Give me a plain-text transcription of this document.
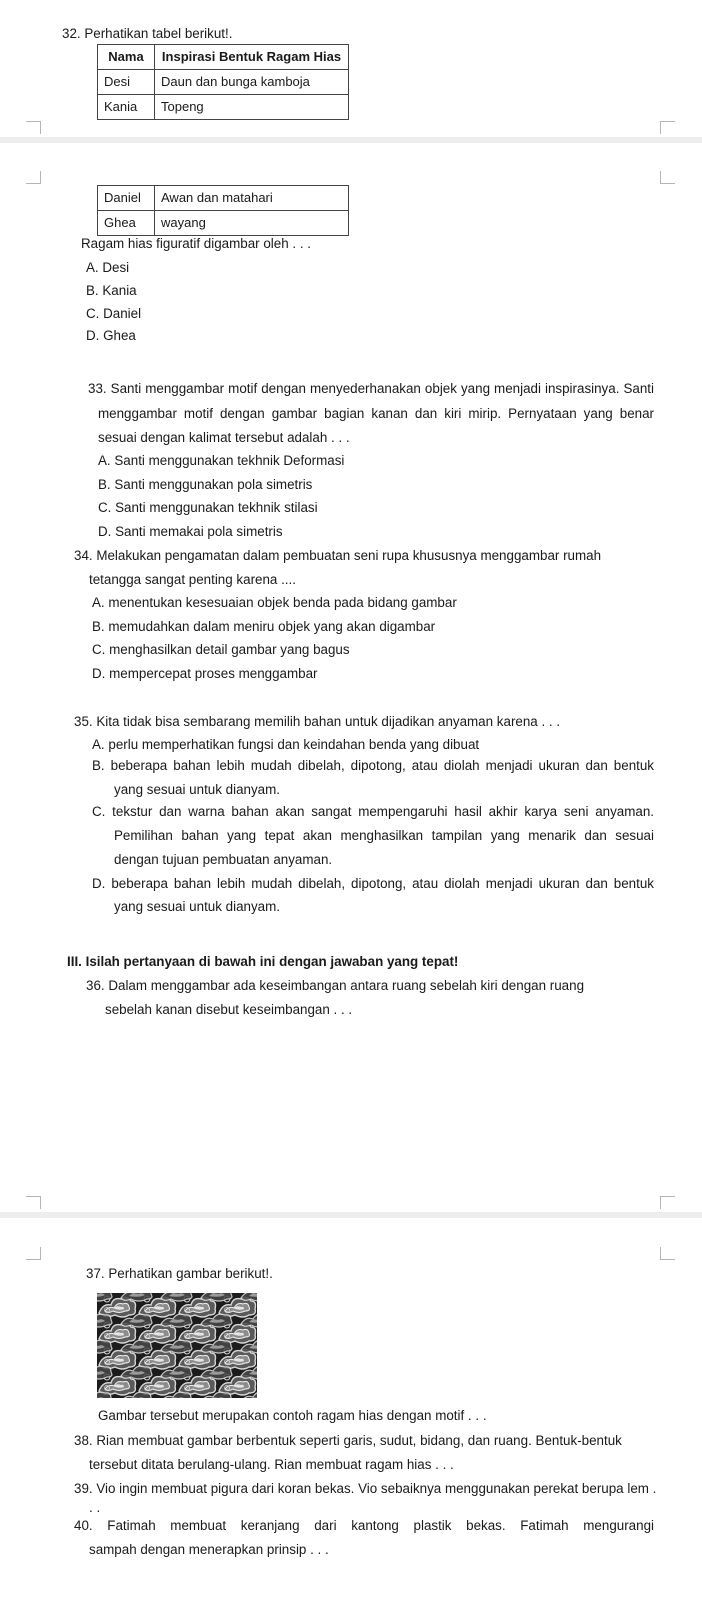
32. Perhatikan tabel berikut!.
Nama	Inspirasi Bentuk Ragam Hias
Desi	Daun dan bunga kamboja
Kania	Topeng
Daniel	Awan dan matahari
Ghea	wayang
Ragam hias figuratif digambar oleh . . .
A. Desi
B. Kania
C. Daniel
D. Ghea
33. Santi menggambar motif dengan menyederhanakan objek yang menjadi inspirasinya. Santi
menggambar motif dengan gambar bagian kanan dan kiri mirip. Pernyataan yang benar
sesuai dengan kalimat tersebut adalah . . .
A. Santi menggunakan tekhnik Deformasi
B. Santi menggunakan pola simetris
C. Santi menggunakan tekhnik stilasi
D. Santi memakai pola simetris
34. Melakukan pengamatan dalam pembuatan seni rupa khususnya menggambar rumah
tetangga sangat penting karena ....
A. menentukan kesesuaian objek benda pada bidang gambar
B. memudahkan dalam meniru objek yang akan digambar
C. menghasilkan detail gambar yang bagus
D. mempercepat proses menggambar
35. Kita tidak bisa sembarang memilih bahan untuk dijadikan anyaman karena . . .
A. perlu memperhatikan fungsi dan keindahan benda yang dibuat
B. beberapa bahan lebih mudah dibelah, dipotong, atau diolah menjadi ukuran dan bentuk
yang sesuai untuk dianyam.
C. tekstur dan warna bahan akan sangat mempengaruhi hasil akhir karya seni anyaman.
Pemilihan bahan yang tepat akan menghasilkan tampilan yang menarik dan sesuai
dengan tujuan pembuatan anyaman.
D. beberapa bahan lebih mudah dibelah, dipotong, atau diolah menjadi ukuran dan bentuk
yang sesuai untuk dianyam.
III. Isilah pertanyaan di bawah ini dengan jawaban yang tepat!
36. Dalam menggambar ada keseimbangan antara ruang sebelah kiri dengan ruang
sebelah kanan disebut keseimbangan . . .
37. Perhatikan gambar berikut!.
Gambar tersebut merupakan contoh ragam hias dengan motif . . .
38. Rian membuat gambar berbentuk seperti garis, sudut, bidang, dan ruang. Bentuk-bentuk
tersebut ditata berulang-ulang. Rian membuat ragam hias . . .
39. Vio ingin membuat pigura dari koran bekas. Vio sebaiknya menggunakan perekat berupa lem .
. .
40. Fatimah membuat keranjang dari kantong plastik bekas. Fatimah mengurangi
sampah dengan menerapkan prinsip . . .
